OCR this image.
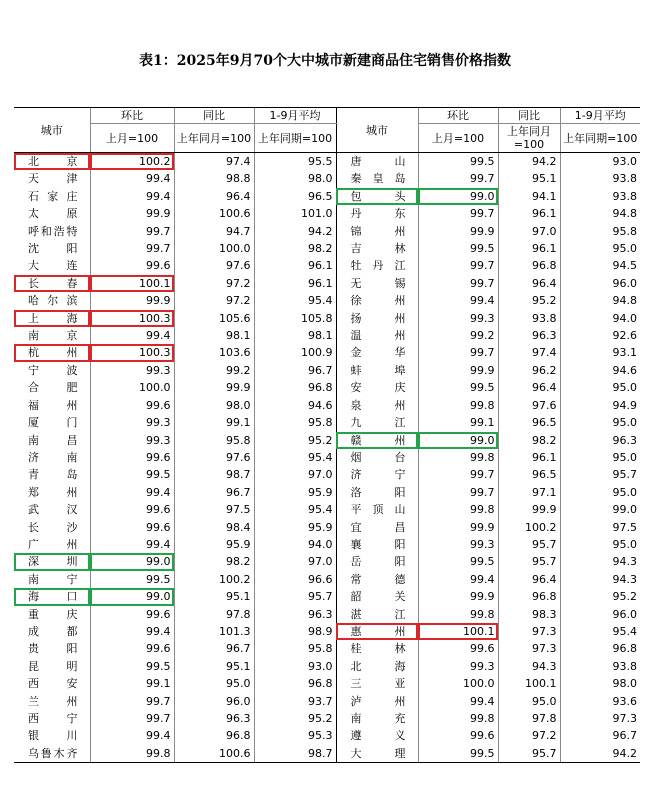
表1：2025年9月70个大中城市新建商品住宅销售价格指数
城市	环比	同比	1-9月平均	城市	环比	同比	1-9月平均
	上月=100	上年同月=100	上年同期=100		上月=100	上年同月=100	上年同期=100
北京	100.2	97.4	95.5	唐山	99.5	94.2	93.0
天津	99.4	98.8	98.0	秦皇岛	99.7	95.1	93.8
石家庄	99.4	96.4	96.5	包头	99.0	94.1	93.8
太原	99.9	100.6	101.0	丹东	99.7	96.1	94.8
呼和浩特	99.7	94.7	94.2	锦州	99.9	97.0	95.8
沈阳	99.7	100.0	98.2	吉林	99.5	96.1	95.0
大连	99.6	97.6	96.1	牡丹江	99.7	96.8	94.5
长春	100.1	97.2	96.1	无锡	99.7	96.4	96.0
哈尔滨	99.9	97.2	95.4	徐州	99.4	95.2	94.8
上海	100.3	105.6	105.8	扬州	99.3	93.8	94.0
南京	99.4	98.1	98.1	温州	99.2	96.3	92.6
杭州	100.3	103.6	100.9	金华	99.7	97.4	93.1
宁波	99.3	99.2	96.7	蚌埠	99.9	96.2	94.6
合肥	100.0	99.9	96.8	安庆	99.5	96.4	95.0
福州	99.6	98.0	94.6	泉州	99.8	97.6	94.9
厦门	99.3	99.1	95.8	九江	99.1	96.5	95.0
南昌	99.3	95.8	95.2	赣州	99.0	98.2	96.3
济南	99.6	97.6	95.4	烟台	99.8	96.1	95.0
青岛	99.5	98.7	97.0	济宁	99.7	96.5	95.7
郑州	99.4	96.7	95.9	洛阳	99.7	97.1	95.0
武汉	99.6	97.5	95.4	平顶山	99.8	99.9	99.0
长沙	99.6	98.4	95.9	宜昌	99.9	100.2	97.5
广州	99.4	95.9	94.0	襄阳	99.3	95.7	95.0
深圳	99.0	98.2	97.0	岳阳	99.5	95.7	94.3
南宁	99.5	100.2	96.6	常德	99.4	96.4	94.3
海口	99.0	95.1	95.7	韶关	99.9	96.8	95.2
重庆	99.6	97.8	96.3	湛江	99.8	98.3	96.0
成都	99.4	101.3	98.9	惠州	100.1	97.3	95.4
贵阳	99.6	96.7	95.8	桂林	99.6	97.3	96.8
昆明	99.5	95.1	93.0	北海	99.3	94.3	93.8
西安	99.1	95.0	96.8	三亚	100.0	100.1	98.0
兰州	99.7	96.0	93.7	泸州	99.4	95.0	93.6
西宁	99.7	96.3	95.2	南充	99.8	97.8	97.3
银川	99.4	96.8	95.3	遵义	99.6	97.2	96.7
乌鲁木齐	99.8	100.6	98.7	大理	99.5	95.7	94.2
